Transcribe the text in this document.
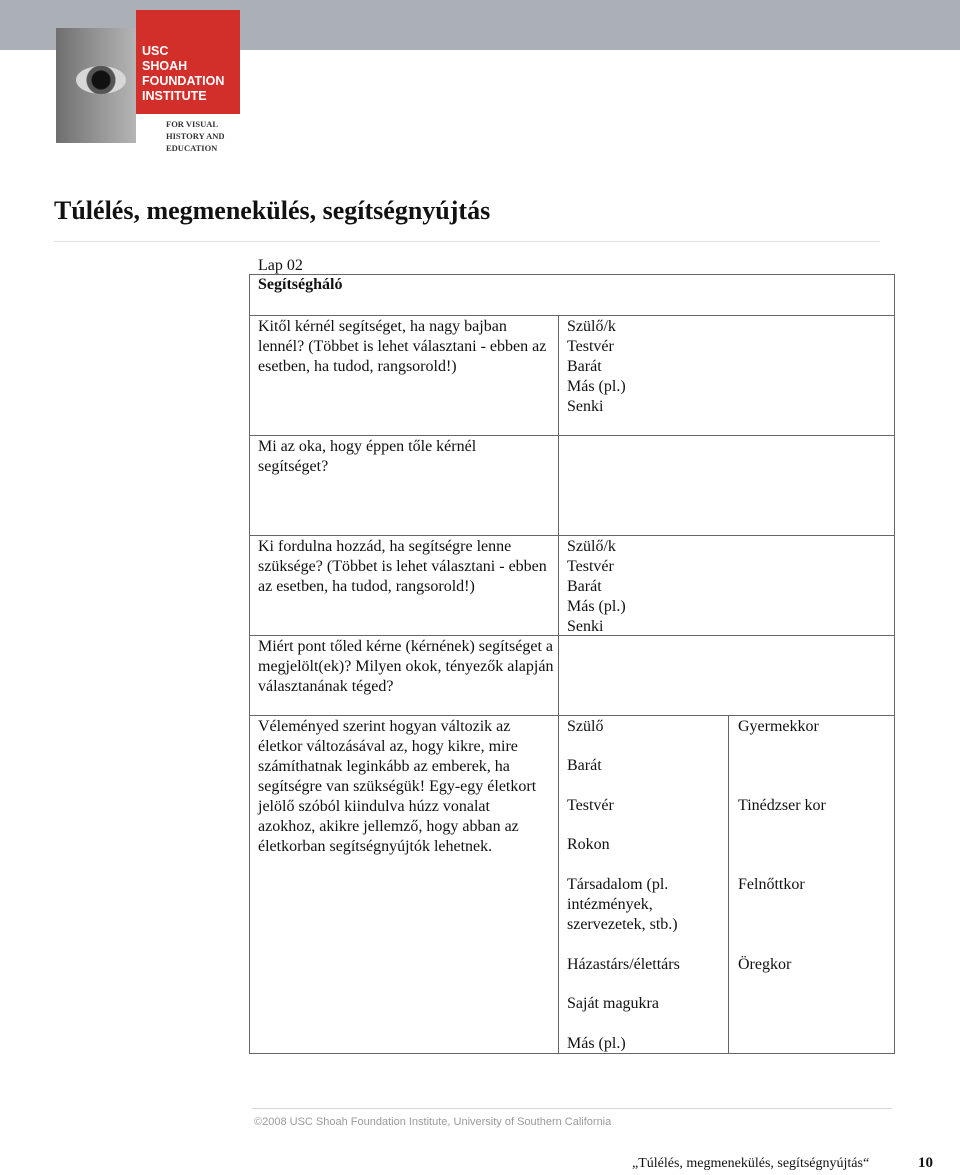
USC
SHOAH
FOUNDATION
INSTITUTE
FOR VISUAL
HISTORY AND
EDUCATION
Túlélés, megmenekülés, segítségnyújtás
Lap 02
Segítségháló
Kitől kérnél segítséget, ha nagy bajban lennél? (Többet is lehet választani - ebben az esetben, ha tudod, rangsorold!)
Szülő/k
Testvér
Barát
Más (pl.)
Senki
Mi az oka, hogy éppen tőle kérnél segítséget?
Ki fordulna hozzád, ha segítségre lenne szüksége? (Többet is lehet választani - ebben az esetben, ha tudod, rangsorold!)
Szülő/k
Testvér
Barát
Más (pl.)
Senki
Miért pont tőled kérne (kérnének) segítséget a megjelölt(ek)? Milyen okok, tényezők alapján választanának téged?
Véleményed szerint hogyan változik az életkor változásával az, hogy kikre, mire számíthatnak leginkább az emberek, ha segítségre van szükségük! Egy-egy életkort jelölő szóból kiindulva húzz vonalat azokhoz, akikre jellemző, hogy abban az életkorban segítségnyújtók lehetnek.
Szülő
Barát
Testvér
Rokon
Társadalom (pl. intézmények, szervezetek, stb.)
Házastárs/élettárs
Saját magukra
Más (pl.)
Gyermekkor
Tinédzser kor
Felnőttkor
Öregkor
©2008 USC Shoah Foundation Institute, University of Southern California
„Túlélés, megmenekülés, segítségnyújtás“	10
